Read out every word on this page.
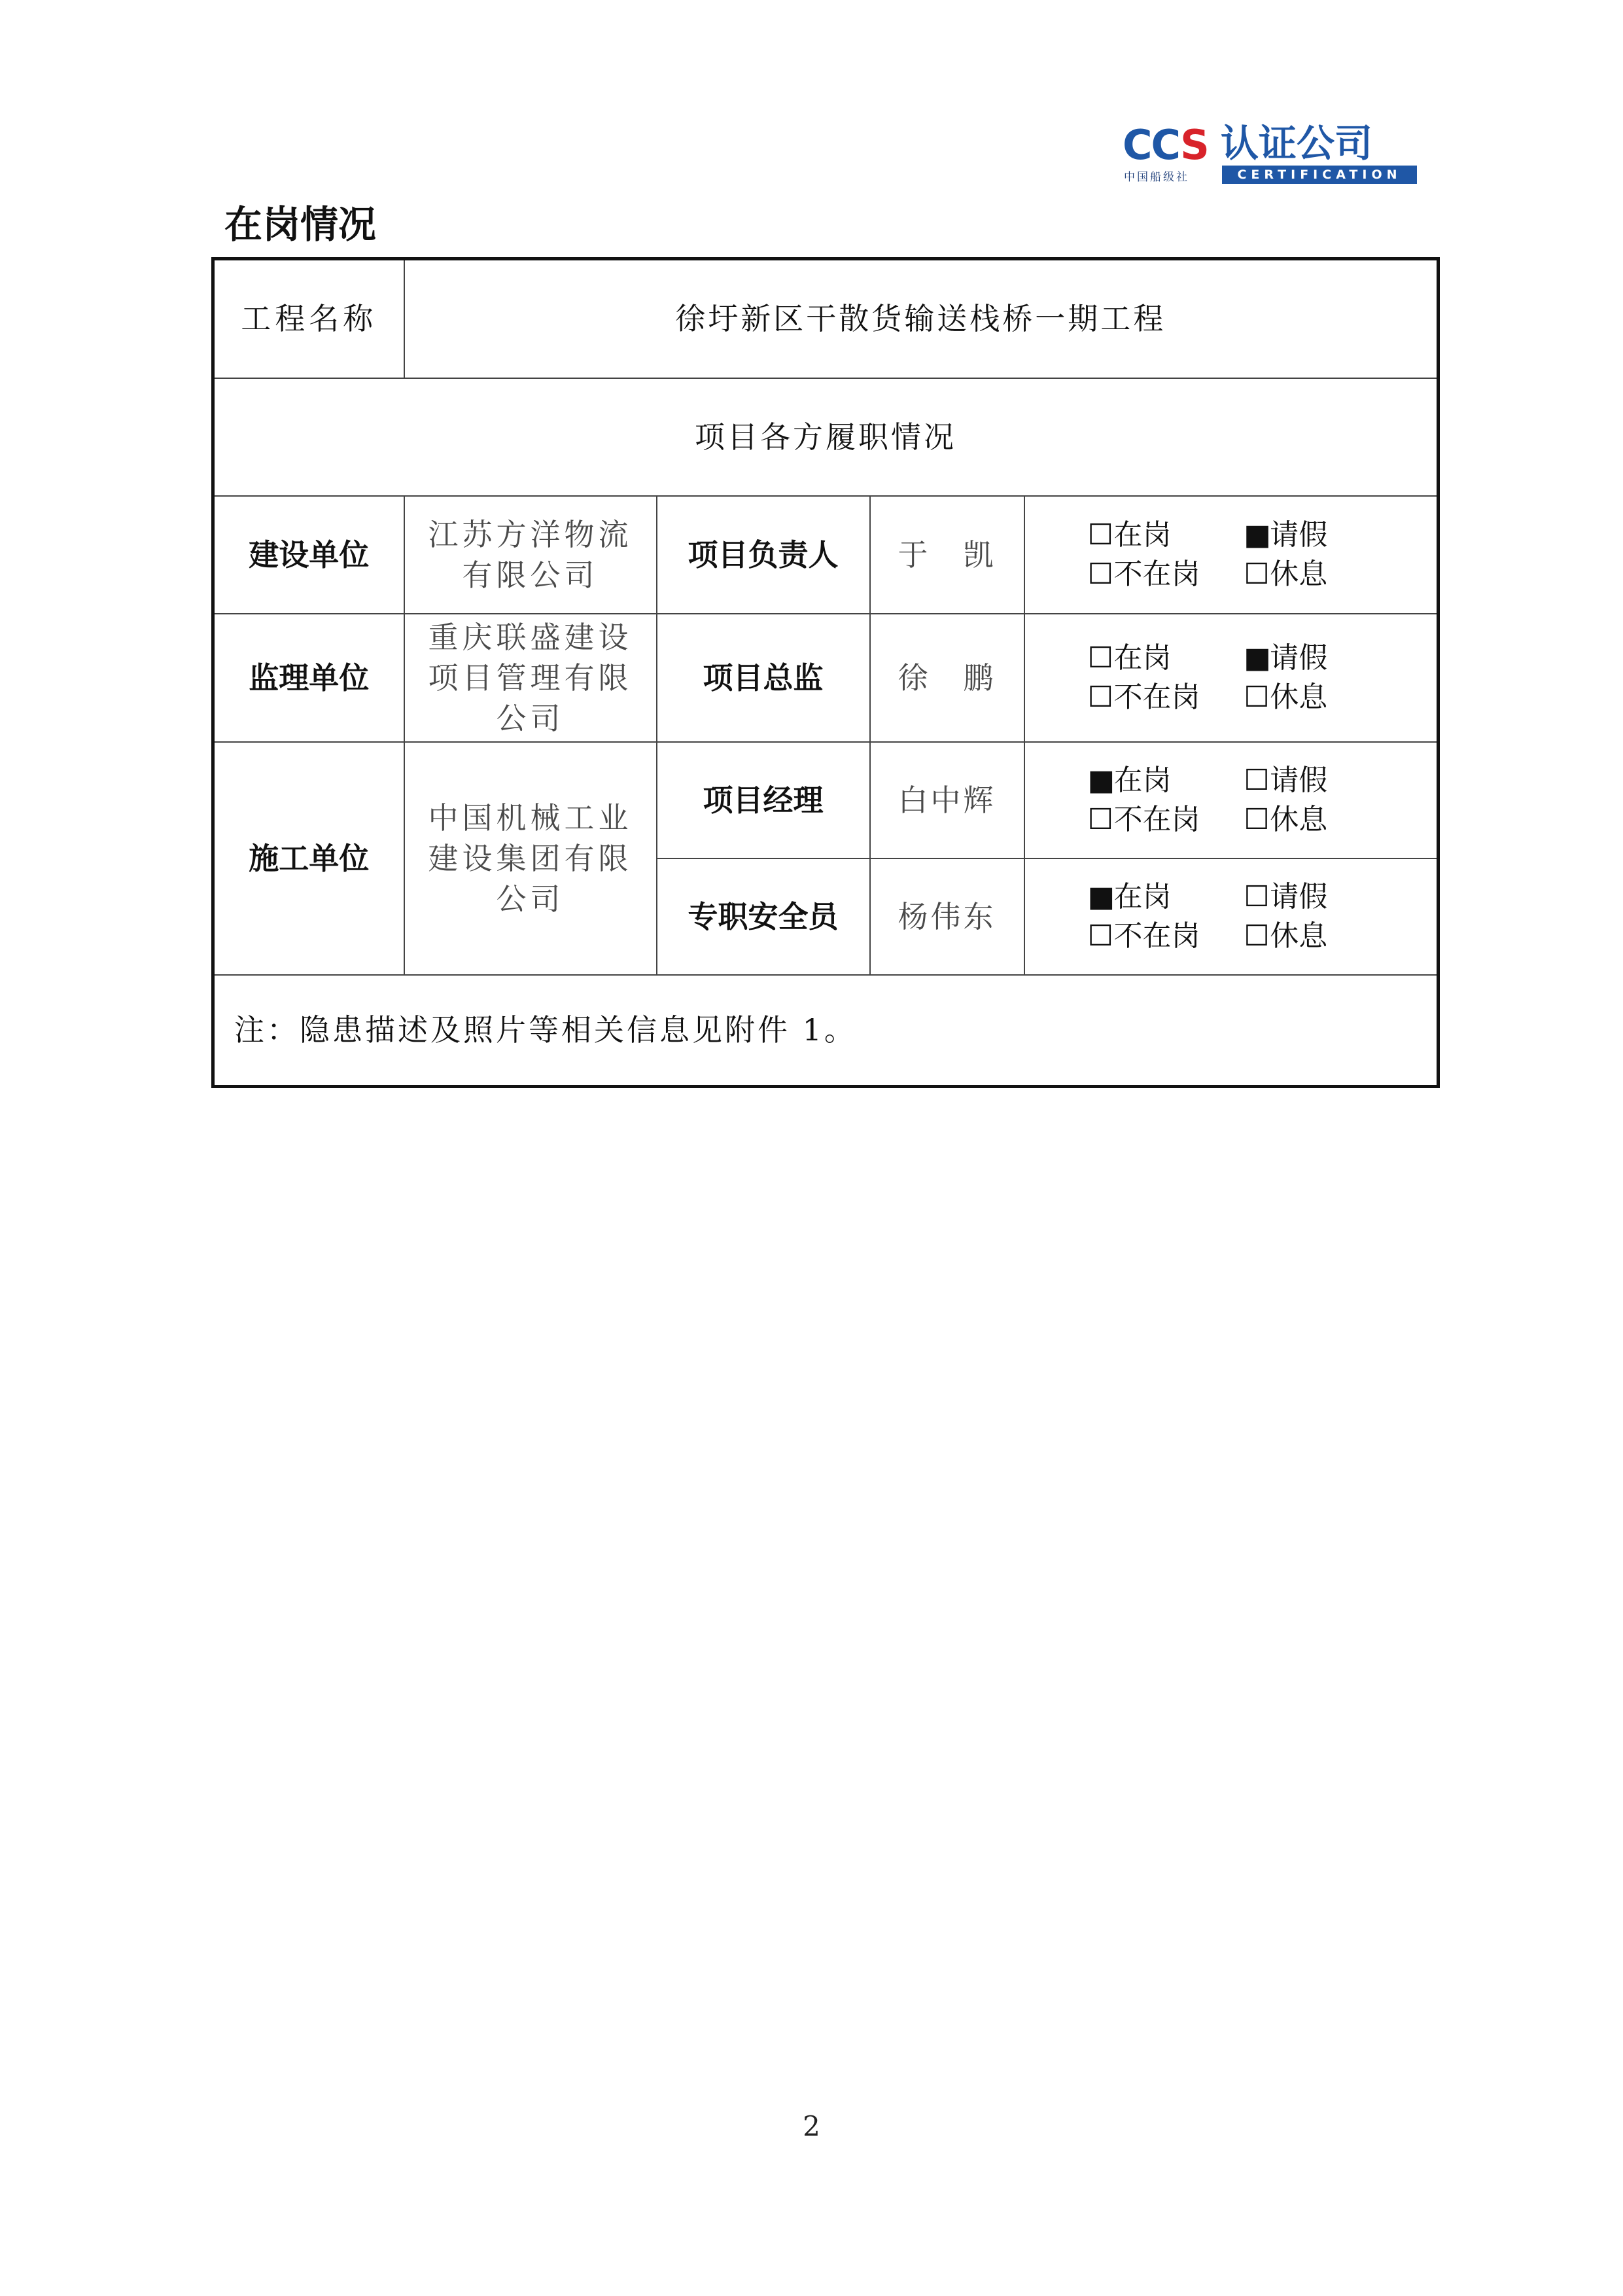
CCS
中国船级社
认证公司
CERTIFICATION
在岗情况
工程名称	徐圩新区干散货输送栈桥一期工程			
项目各方履职情况				
建设单位	江苏方洋物流有限公司	项目负责人	于　凯	☐在岗 ■请假
☐不在岗 ☐休息

监理单位	重庆联盛建设项目管理有限公司	项目总监	徐　鹏	☐在岗 ■请假
☐不在岗 ☐休息

施工单位	中国机械工业建设集团有限公司	项目经理	白中辉	■在岗 ☐请假
☐不在岗 ☐休息

		专职安全员	杨伟东	■在岗 ☐请假
☐不在岗 ☐休息

注：隐患描述及照片等相关信息见附件 1。				
2
